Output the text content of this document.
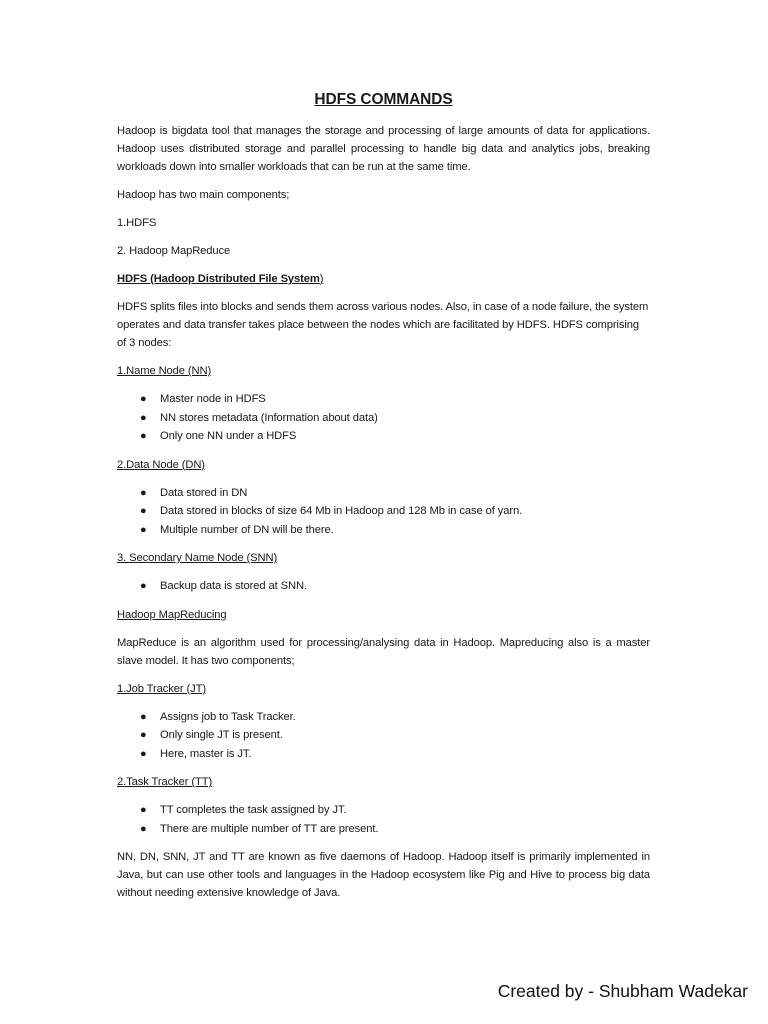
HDFS COMMANDS
Hadoop is bigdata tool that manages the storage and processing of large amounts of data for applications. Hadoop uses distributed storage and parallel processing to handle big data and analytics jobs, breaking workloads down into smaller workloads that can be run at the same time.
Hadoop has two main components;
1.HDFS
2. Hadoop MapReduce
HDFS (Hadoop Distributed File System)
HDFS splits files into blocks and sends them across various nodes. Also, in case of a node failure, the system operates and data transfer takes place between the nodes which are facilitated by HDFS. HDFS comprising of 3 nodes:
1.Name Node (NN)
● Master node in HDFS
● NN stores metadata (Information about data)
● Only one NN under a HDFS
2.Data Node (DN)
● Data stored in DN
● Data stored in blocks of size 64 Mb in Hadoop and 128 Mb in case of yarn.
● Multiple number of DN will be there.
3. Secondary Name Node (SNN)
● Backup data is stored at SNN.
Hadoop MapReducing
MapReduce is an algorithm used for processing/analysing data in Hadoop. Mapreducing also is a master slave model. It has two components;
1.Job Tracker (JT)
● Assigns job to Task Tracker.
● Only single JT is present.
● Here, master is JT.
2.Task Tracker (TT)
● TT completes the task assigned by JT.
● There are multiple number of TT are present.
NN, DN, SNN, JT and TT are known as five daemons of Hadoop. Hadoop itself is primarily implemented in Java, but can use other tools and languages in the Hadoop ecosystem like Pig and Hive to process big data without needing extensive knowledge of Java.
Created by - Shubham Wadekar
